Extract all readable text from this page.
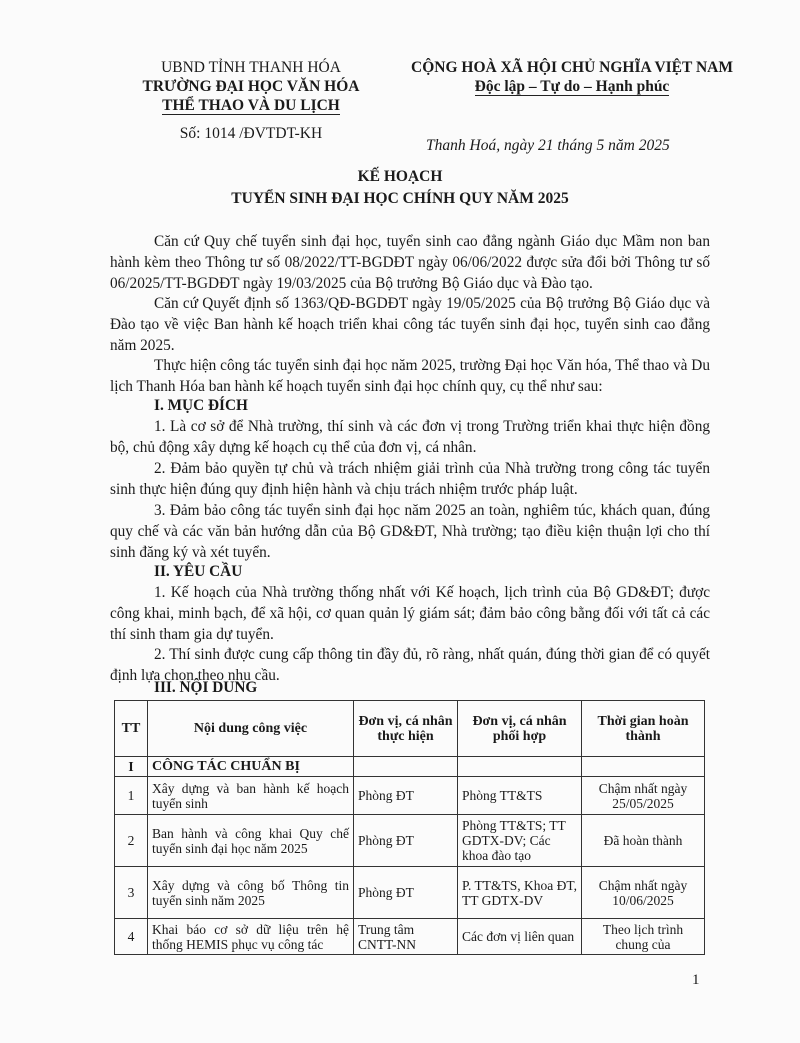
UBND TỈNH THANH HÓA
TRƯỜNG ĐẠI HỌC VĂN HÓA
THỂ THAO VÀ DU LỊCH
Số: 1014 /ĐVTDT-KH
CỘNG HOÀ XÃ HỘI CHỦ NGHĨA VIỆT NAM
Độc lập – Tự do – Hạnh phúc
Thanh Hoá, ngày 21 tháng 5 năm 2025
KẾ HOẠCH
TUYỂN SINH ĐẠI HỌC CHÍNH QUY NĂM 2025
Căn cứ Quy chế tuyển sinh đại học, tuyển sinh cao đẳng ngành Giáo dục Mầm non ban hành kèm theo Thông tư số 08/2022/TT-BGDĐT ngày 06/06/2022 được sửa đổi bởi Thông tư số 06/2025/TT-BGDĐT ngày 19/03/2025 của Bộ trưởng Bộ Giáo dục và Đào tạo.
Căn cứ Quyết định số 1363/QĐ-BGDĐT ngày 19/05/2025 của Bộ trưởng Bộ Giáo dục và Đào tạo về việc Ban hành kế hoạch triển khai công tác tuyển sinh đại học, tuyển sinh cao đẳng năm 2025.
Thực hiện công tác tuyển sinh đại học năm 2025, trường Đại học Văn hóa, Thể thao và Du lịch Thanh Hóa ban hành kế hoạch tuyển sinh đại học chính quy, cụ thể như sau:
I. MỤC ĐÍCH
1. Là cơ sở để Nhà trường, thí sinh và các đơn vị trong Trường triển khai thực hiện đồng bộ, chủ động xây dựng kế hoạch cụ thể của đơn vị, cá nhân.
2. Đảm bảo quyền tự chủ và trách nhiệm giải trình của Nhà trường trong công tác tuyển sinh thực hiện đúng quy định hiện hành và chịu trách nhiệm trước pháp luật.
3. Đảm bảo công tác tuyển sinh đại học năm 2025 an toàn, nghiêm túc, khách quan, đúng quy chế và các văn bản hướng dẫn của Bộ GD&ĐT, Nhà trường; tạo điều kiện thuận lợi cho thí sinh đăng ký và xét tuyển.
II. YÊU CẦU
1. Kế hoạch của Nhà trường thống nhất với Kế hoạch, lịch trình của Bộ GD&ĐT; được công khai, minh bạch, để xã hội, cơ quan quản lý giám sát; đảm bảo công bằng đối với tất cả các thí sinh tham gia dự tuyển.
2. Thí sinh được cung cấp thông tin đầy đủ, rõ ràng, nhất quán, đúng thời gian để có quyết định lựa chọn theo nhu cầu.
III. NỘI DUNG
TT	Nội dung công việc	Đơn vị, cá nhân thực hiện	Đơn vị, cá nhân phối hợp	Thời gian hoàn thành
I	CÔNG TÁC CHUẨN BỊ			
1	Xây dựng và ban hành kế hoạch tuyển sinh	Phòng ĐT	Phòng TT&TS	Chậm nhất ngày 25/05/2025
2	Ban hành và công khai Quy chế tuyển sinh đại học năm 2025	Phòng ĐT	Phòng TT&TS; TT GDTX-DV; Các khoa đào tạo	Đã hoàn thành
3	Xây dựng và công bố Thông tin tuyển sinh năm 2025	Phòng ĐT	P. TT&TS, Khoa ĐT, TT GDTX-DV	Chậm nhất ngày 10/06/2025
4	Khai báo cơ sở dữ liệu trên hệ thống HEMIS phục vụ công tác	Trung tâm CNTT-NN	Các đơn vị liên quan	Theo lịch trình chung của
1
